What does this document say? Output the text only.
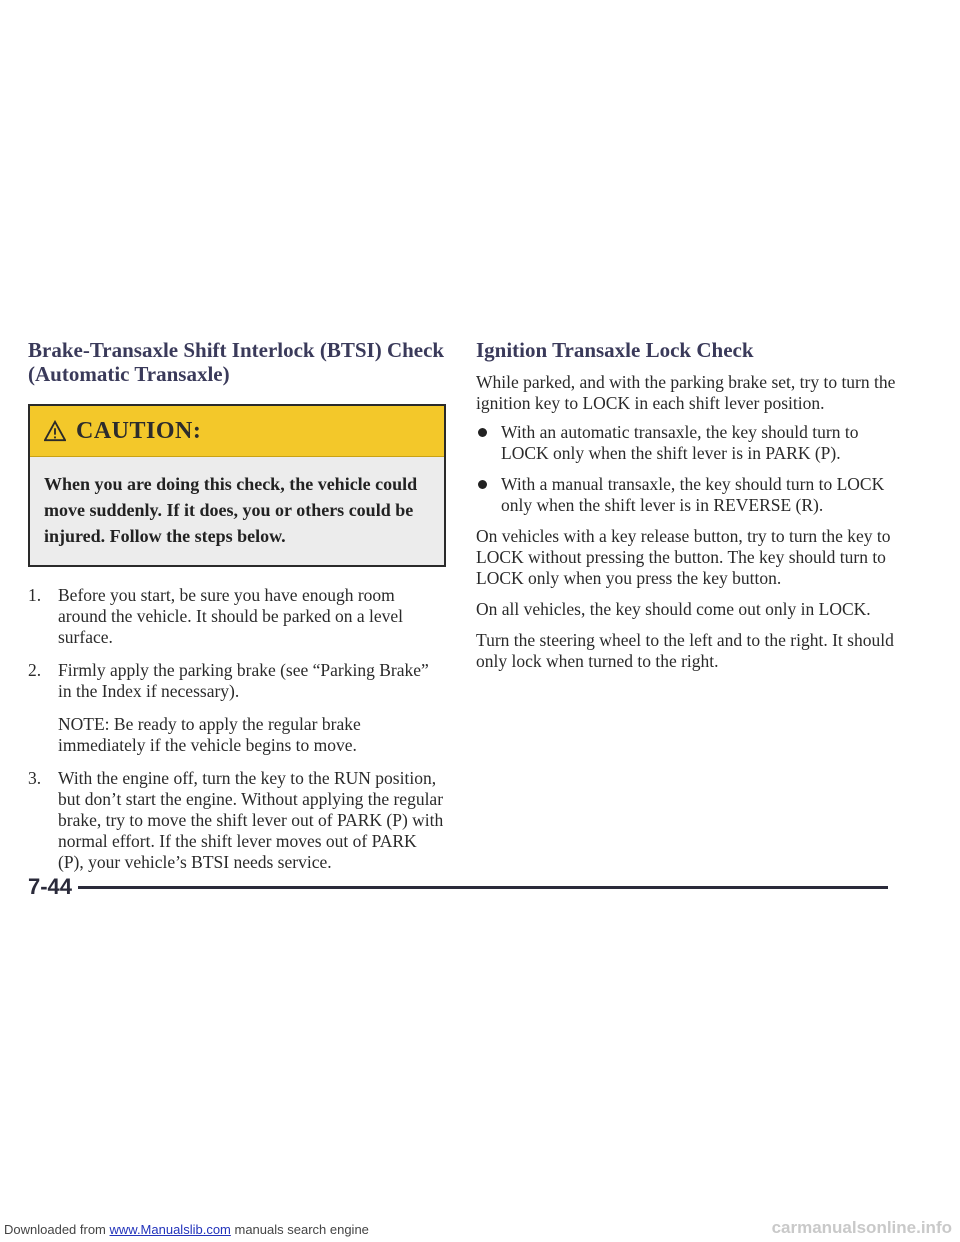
Brake-Transaxle Shift Interlock (BTSI) Check
(Automatic Transaxle)
CAUTION:
When you are doing this check, the vehicle could move suddenly. If it does, you or others could be injured. Follow the steps below.
1. Before you start, be sure you have enough room around the vehicle. It should be parked on a level surface.
2. Firmly apply the parking brake (see “Parking Brake” in the Index if necessary).
NOTE: Be ready to apply the regular brake immediately if the vehicle begins to move.
3. With the engine off, turn the key to the RUN position, but don’t start the engine. Without applying the regular brake, try to move the shift lever out of PARK (P) with normal effort. If the shift lever moves out of PARK (P), your vehicle’s BTSI needs service.
Ignition Transaxle Lock Check

While parked, and with the parking brake set, try to turn the ignition key to LOCK in each shift lever position.

With an automatic transaxle, the key should turn to LOCK only when the shift lever is in PARK (P).
With a manual transaxle, the key should turn to LOCK only when the shift lever is in REVERSE (R).

On vehicles with a key release button, try to turn the key to LOCK without pressing the button. The key should turn to LOCK only when you press the key button.

On all vehicles, the key should come out only in LOCK.

Turn the steering wheel to the left and to the right. It should only lock when turned to the right.

7-44
Downloaded from www.Manualslib.com manuals search engine	carmanualsonline.info
